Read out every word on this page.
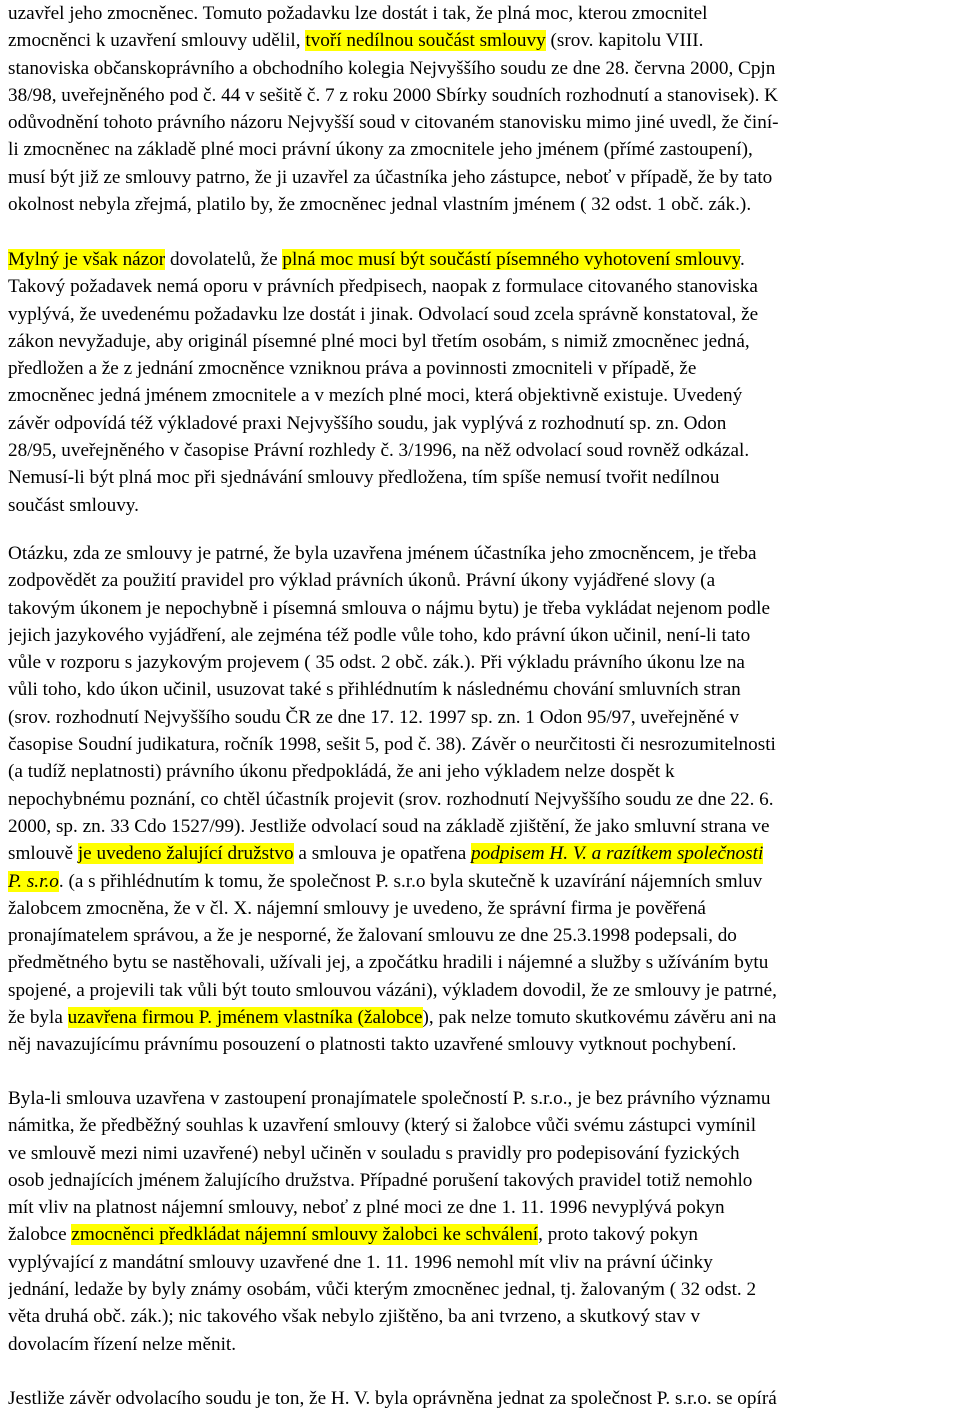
uzavřel jeho zmocněnec. Tomuto požadavku lze dostát i tak, že plná moc, kterou zmocnitel
zmocněnci k uzavření smlouvy udělil, tvoří nedílnou součást smlouvy (srov. kapitolu VIII.
stanoviska občanskoprávního a obchodního kolegia Nejvyššího soudu ze dne 28. června 2000, Cpjn
38/98, uveřejněného pod č. 44 v sešitě č. 7 z roku 2000 Sbírky soudních rozhodnutí a stanovisek). K
odůvodnění tohoto právního názoru Nejvyšší soud v citovaném stanovisku mimo jiné uvedl, že činí-
li zmocněnec na základě plné moci právní úkony za zmocnitele jeho jménem (přímé zastoupení),
musí být již ze smlouvy patrno, že ji uzavřel za účastníka jeho zástupce, neboť v případě, že by tato
okolnost nebyla zřejmá, platilo by, že zmocněnec jednal vlastním jménem ( 32 odst. 1 obč. zák.).
Mylný je však názor dovolatelů, že plná moc musí být součástí písemného vyhotovení smlouvy.
Takový požadavek nemá oporu v právních předpisech, naopak z formulace citovaného stanoviska
vyplývá, že uvedenému požadavku lze dostát i jinak. Odvolací soud zcela správně konstatoval, že
zákon nevyžaduje, aby originál písemné plné moci byl třetím osobám, s nimiž zmocněnec jedná,
předložen a že z jednání zmocněnce vzniknou práva a povinnosti zmocniteli v případě, že
zmocněnec jedná jménem zmocnitele a v mezích plné moci, která objektivně existuje. Uvedený
závěr odpovídá též výkladové praxi Nejvyššího soudu, jak vyplývá z rozhodnutí sp. zn. Odon
28/95, uveřejněného v časopise Právní rozhledy č. 3/1996, na něž odvolací soud rovněž odkázal.
Nemusí-li být plná moc při sjednávání smlouvy předložena, tím spíše nemusí tvořit nedílnou
součást smlouvy.
Otázku, zda ze smlouvy je patrné, že byla uzavřena jménem účastníka jeho zmocněncem, je třeba
zodpovědět za použití pravidel pro výklad právních úkonů. Právní úkony vyjádřené slovy (a
takovým úkonem je nepochybně i písemná smlouva o nájmu bytu) je třeba vykládat nejenom podle
jejich jazykového vyjádření, ale zejména též podle vůle toho, kdo právní úkon učinil, není-li tato
vůle v rozporu s jazykovým projevem ( 35 odst. 2 obč. zák.). Při výkladu právního úkonu lze na
vůli toho, kdo úkon učinil, usuzovat také s přihlédnutím k následnému chování smluvních stran
(srov. rozhodnutí Nejvyššího soudu ČR ze dne 17. 12. 1997 sp. zn. 1 Odon 95/97, uveřejněné v
časopise Soudní judikatura, ročník 1998, sešit 5, pod č. 38). Závěr o neurčitosti či nesrozumitelnosti
(a tudíž neplatnosti) právního úkonu předpokládá, že ani jeho výkladem nelze dospět k
nepochybnému poznání, co chtěl účastník projevit (srov. rozhodnutí Nejvyššího soudu ze dne 22. 6.
2000, sp. zn. 33 Cdo 1527/99). Jestliže odvolací soud na základě zjištění, že jako smluvní strana ve
smlouvě je uvedeno žalující družstvo a smlouva je opatřena podpisem H. V. a razítkem společnosti
P. s.r.o. (a s přihlédnutím k tomu, že společnost P. s.r.o byla skutečně k uzavírání nájemních smluv
žalobcem zmocněna, že v čl. X. nájemní smlouvy je uvedeno, že správní firma je pověřená
pronajímatelem správou, a že je nesporné, že žalovaní smlouvu ze dne 25.3.1998 podepsali, do
předmětného bytu se nastěhovali, užívali jej, a zpočátku hradili i nájemné a služby s užíváním bytu
spojené, a projevili tak vůli být touto smlouvou vázáni), výkladem dovodil, že ze smlouvy je patrné,
že byla uzavřena firmou P. jménem vlastníka (žalobce), pak nelze tomuto skutkovému závěru ani na
něj navazujícímu právnímu posouzení o platnosti takto uzavřené smlouvy vytknout pochybení.
Byla-li smlouva uzavřena v zastoupení pronajímatele společností P. s.r.o., je bez právního významu
námitka, že předběžný souhlas k uzavření smlouvy (který si žalobce vůči svému zástupci vymínil
ve smlouvě mezi nimi uzavřené) nebyl učiněn v souladu s pravidly pro podepisování fyzických
osob jednajících jménem žalujícího družstva. Případné porušení takových pravidel totiž nemohlo
mít vliv na platnost nájemní smlouvy, neboť z plné moci ze dne 1. 11. 1996 nevyplývá pokyn
žalobce zmocněnci předkládat nájemní smlouvy žalobci ke schválení, proto takový pokyn
vyplývající z mandátní smlouvy uzavřené dne 1. 11. 1996 nemohl mít vliv na právní účinky
jednání, ledaže by byly známy osobám, vůči kterým zmocněnec jednal, tj. žalovaným ( 32 odst. 2
věta druhá obč. zák.); nic takového však nebylo zjištěno, ba ani tvrzeno, a skutkový stav v
dovolacím řízení nelze měnit.
Jestliže závěr odvolacího soudu je ton, že H. V. byla oprávněna jednat za společnost P. s.r.o. se opírá
